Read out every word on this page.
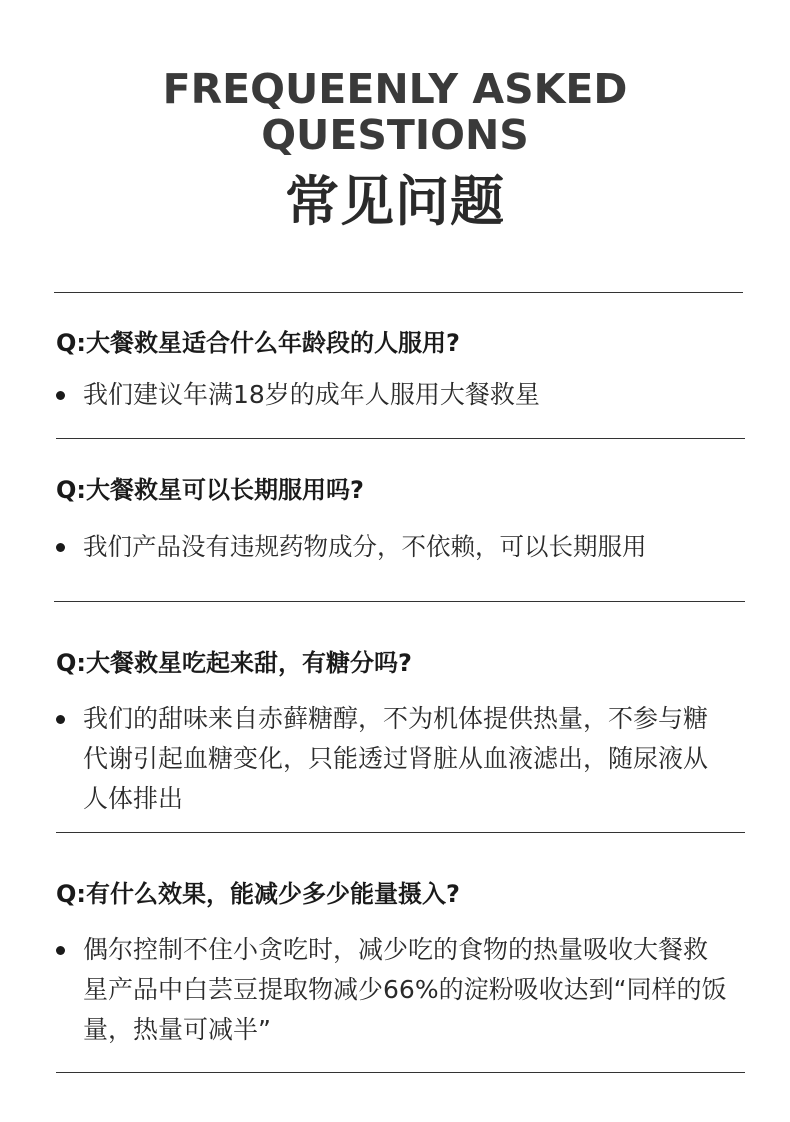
FREQUEENLY ASKED
QUESTIONS
常见问题
Q:大餐救星适合什么年龄段的人服用?
我们建议年满18岁的成年人服用大餐救星
Q:大餐救星可以长期服用吗?
我们产品没有违规药物成分，不依赖，可以长期服用
Q:大餐救星吃起来甜，有糖分吗?
我们的甜味来自赤藓糖醇，不为机体提供热量，不参与糖代谢引起血糖变化，只能透过肾脏从血液滤出，随尿液从人体排出
Q:有什么效果，能减少多少能量摄入?
偶尔控制不住小贪吃时，减少吃的食物的热量吸收大餐救星产品中白芸豆提取物减少66%的淀粉吸收达到“同样的饭量，热量可减半”
